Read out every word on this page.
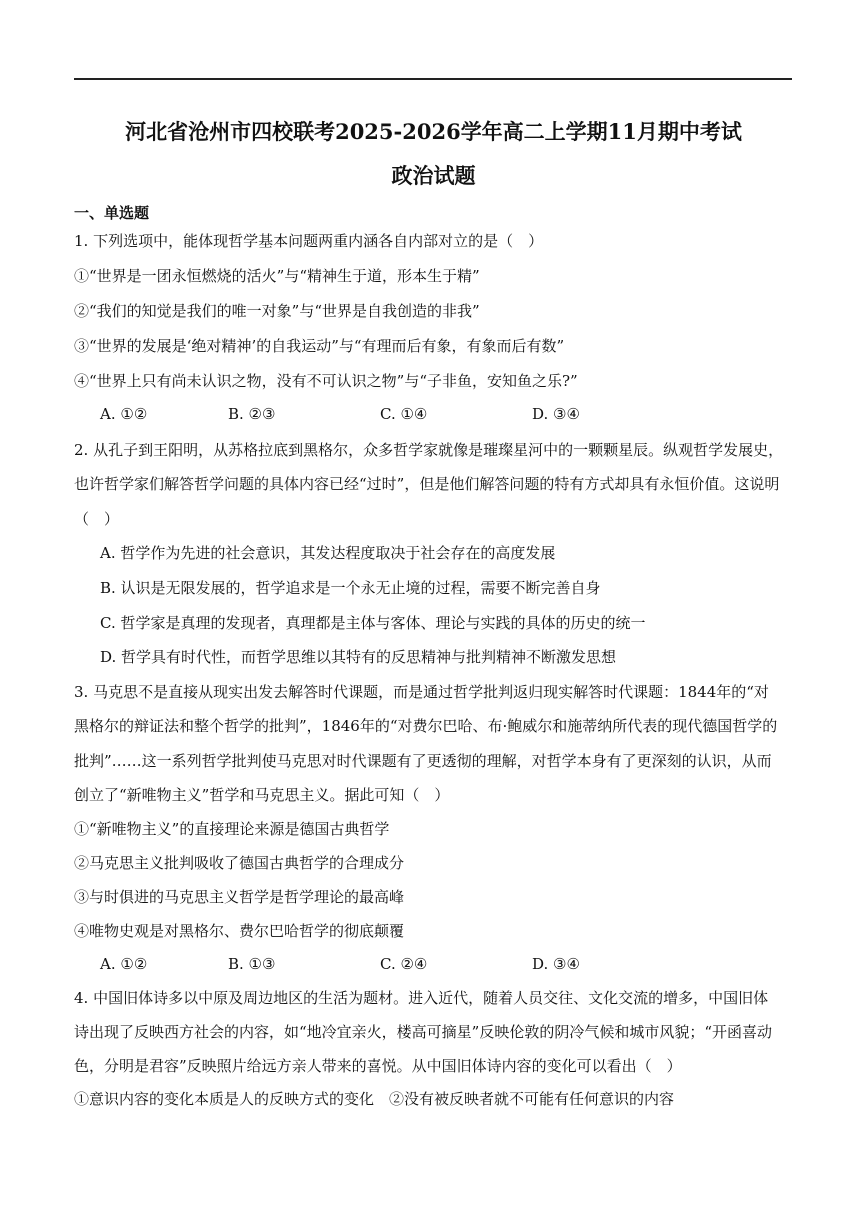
河北省沧州市四校联考2025-2026学年高二上学期11月期中考试
政治试题
一、单选题
1. 下列选项中，能体现哲学基本问题两重内涵各自内部对立的是（　）
①“世界是一团永恒燃烧的活火”与“精神生于道，形本生于精”
②“我们的知觉是我们的唯一对象”与“世界是自我创造的非我”
③“世界的发展是‘绝对精神’的自我运动”与“有理而后有象，有象而后有数”
④“世界上只有尚未认识之物，没有不可认识之物”与“子非鱼，安知鱼之乐?”
A. ①②	B. ②③	C. ①④	D. ③④
2. 从孔子到王阳明，从苏格拉底到黑格尔，众多哲学家就像是璀璨星河中的一颗颗星辰。纵观哲学发展史，
也许哲学家们解答哲学问题的具体内容已经“过时”，但是他们解答问题的特有方式却具有永恒价值。这说明
（　）
A. 哲学作为先进的社会意识，其发达程度取决于社会存在的高度发展
B. 认识是无限发展的，哲学追求是一个永无止境的过程，需要不断完善自身
C. 哲学家是真理的发现者，真理都是主体与客体、理论与实践的具体的历史的统一
D. 哲学具有时代性，而哲学思维以其特有的反思精神与批判精神不断激发思想
3. 马克思不是直接从现实出发去解答时代课题，而是通过哲学批判返归现实解答时代课题：1844年的“对
黑格尔的辩证法和整个哲学的批判”，1846年的“对费尔巴哈、布·鲍威尔和施蒂纳所代表的现代德国哲学的
批判”……这一系列哲学批判使马克思对时代课题有了更透彻的理解，对哲学本身有了更深刻的认识，从而
创立了“新唯物主义”哲学和马克思主义。据此可知（　）
①“新唯物主义”的直接理论来源是德国古典哲学
②马克思主义批判吸收了德国古典哲学的合理成分
③与时俱进的马克思主义哲学是哲学理论的最高峰
④唯物史观是对黑格尔、费尔巴哈哲学的彻底颠覆
A. ①②	B. ①③	C. ②④	D. ③④
4. 中国旧体诗多以中原及周边地区的生活为题材。进入近代，随着人员交往、文化交流的增多，中国旧体
诗出现了反映西方社会的内容，如“地冷宜亲火，楼高可摘星”反映伦敦的阴冷气候和城市风貌；“开函喜动
色，分明是君容”反映照片给远方亲人带来的喜悦。从中国旧体诗内容的变化可以看出（　）
①意识内容的变化本质是人的反映方式的变化　②没有被反映者就不可能有任何意识的内容
